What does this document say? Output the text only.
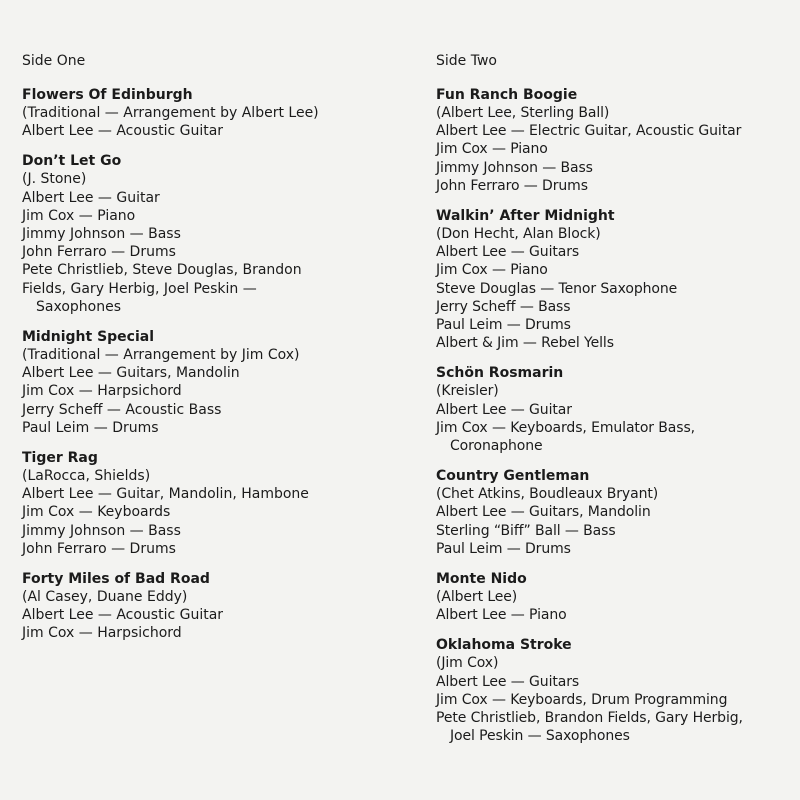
Side One
Flowers Of Edinburgh
(Traditional — Arrangement by Albert Lee)
Albert Lee — Acoustic Guitar
Don’t Let Go
(J. Stone)
Albert Lee — Guitar
Jim Cox — Piano
Jimmy Johnson — Bass
John Ferraro — Drums
Pete Christlieb, Steve Douglas, Brandon
Fields, Gary Herbig, Joel Peskin —
Saxophones
Midnight Special
(Traditional — Arrangement by Jim Cox)
Albert Lee — Guitars, Mandolin
Jim Cox — Harpsichord
Jerry Scheff — Acoustic Bass
Paul Leim — Drums
Tiger Rag
(LaRocca, Shields)
Albert Lee — Guitar, Mandolin, Hambone
Jim Cox — Keyboards
Jimmy Johnson — Bass
John Ferraro — Drums
Forty Miles of Bad Road
(Al Casey, Duane Eddy)
Albert Lee — Acoustic Guitar
Jim Cox — Harpsichord
Side Two
Fun Ranch Boogie
(Albert Lee, Sterling Ball)
Albert Lee — Electric Guitar, Acoustic Guitar
Jim Cox — Piano
Jimmy Johnson — Bass
John Ferraro — Drums
Walkin’ After Midnight
(Don Hecht, Alan Block)
Albert Lee — Guitars
Jim Cox — Piano
Steve Douglas — Tenor Saxophone
Jerry Scheff — Bass
Paul Leim — Drums
Albert & Jim — Rebel Yells
Schön Rosmarin
(Kreisler)
Albert Lee — Guitar
Jim Cox — Keyboards, Emulator Bass,
Coronaphone
Country Gentleman
(Chet Atkins, Boudleaux Bryant)
Albert Lee — Guitars, Mandolin
Sterling “Biff” Ball — Bass
Paul Leim — Drums
Monte Nido
(Albert Lee)
Albert Lee — Piano
Oklahoma Stroke
(Jim Cox)
Albert Lee — Guitars
Jim Cox — Keyboards, Drum Programming
Pete Christlieb, Brandon Fields, Gary Herbig,
Joel Peskin — Saxophones
